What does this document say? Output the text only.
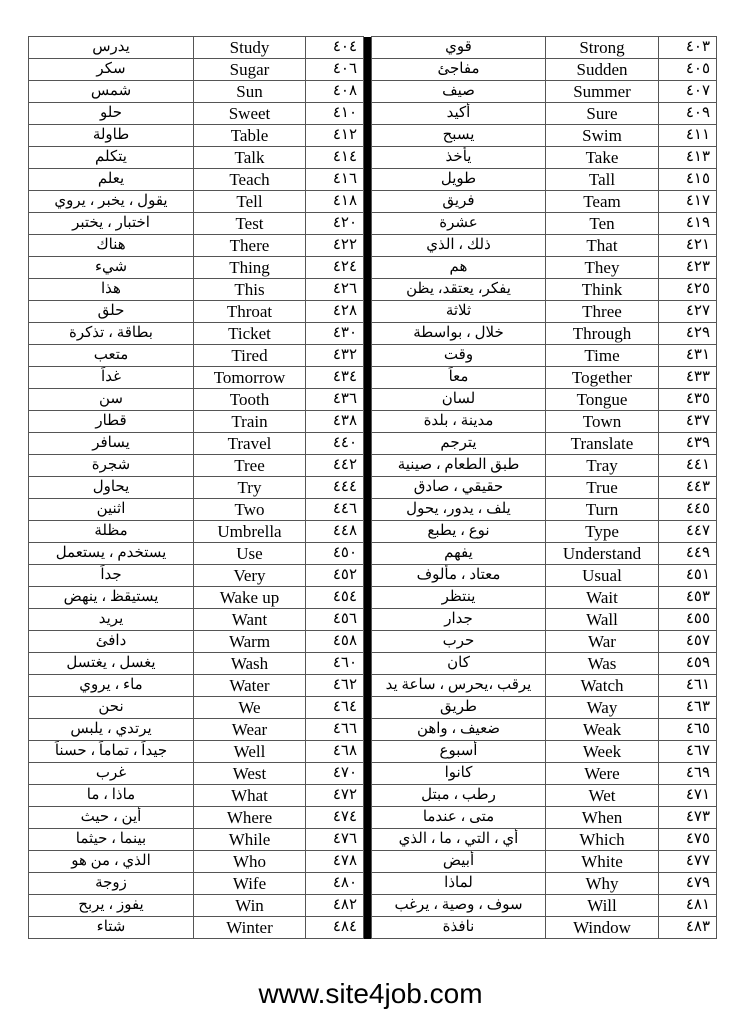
يدرس	Study	٤٠٤		قوي	Strong	٤٠٣
سكر	Sugar	٤٠٦		مفاجئ	Sudden	٤٠٥
شمس	Sun	٤٠٨		صيف	Summer	٤٠٧
حلو	Sweet	٤١٠		أكيد	Sure	٤٠٩
طاولة	Table	٤١٢		يسبح	Swim	٤١١
يتكلم	Talk	٤١٤		يأخذ	Take	٤١٣
يعلم	Teach	٤١٦		طويل	Tall	٤١٥
يقول ، يخبر ، يروي	Tell	٤١٨		فريق	Team	٤١٧
اختبار ، يختبر	Test	٤٢٠		عشرة	Ten	٤١٩
هناك	There	٤٢٢		ذلك ، الذي	That	٤٢١
شيء	Thing	٤٢٤		هم	They	٤٢٣
هذا	This	٤٢٦		يفكر، يعتقد، يظن	Think	٤٢٥
حلق	Throat	٤٢٨		ثلاثة	Three	٤٢٧
بطاقة ، تذكرة	Ticket	٤٣٠		خلال ، بواسطة	Through	٤٢٩
متعب	Tired	٤٣٢		وقت	Time	٤٣١
غداً	Tomorrow	٤٣٤		معاً	Together	٤٣٣
سن	Tooth	٤٣٦		لسان	Tongue	٤٣٥
قطار	Train	٤٣٨		مدينة ، بلدة	Town	٤٣٧
يسافر	Travel	٤٤٠		يترجم	Translate	٤٣٩
شجرة	Tree	٤٤٢		طبق الطعام ، صينية	Tray	٤٤١
يحاول	Try	٤٤٤		حقيقي ، صادق	True	٤٤٣
اثنين	Two	٤٤٦		يلف ، يدور، يحول	Turn	٤٤٥
مظلة	Umbrella	٤٤٨		نوع ، يطبع	Type	٤٤٧
يستخدم ، يستعمل	Use	٤٥٠		يفهم	Understand	٤٤٩
جداً	Very	٤٥٢		معتاد ، مألوف	Usual	٤٥١
يستيقظ ، ينهض	Wake up	٤٥٤		ينتظر	Wait	٤٥٣
يريد	Want	٤٥٦		جدار	Wall	٤٥٥
دافئ	Warm	٤٥٨		حرب	War	٤٥٧
يغسل ، يغتسل	Wash	٤٦٠		كان	Was	٤٥٩
ماء ، يروي	Water	٤٦٢		يرقب ،يحرس ، ساعة يد	Watch	٤٦١
نحن	We	٤٦٤		طريق	Way	٤٦٣
يرتدي ، يلبس	Wear	٤٦٦		ضعيف ، واهن	Weak	٤٦٥
جيداً ، تماماً ، حسناً	Well	٤٦٨		أسبوع	Week	٤٦٧
غرب	West	٤٧٠		كانوا	Were	٤٦٩
ماذا ، ما	What	٤٧٢		رطب ، مبتل	Wet	٤٧١
أين ، حيث	Where	٤٧٤		متى ، عندما	When	٤٧٣
بينما ، حيثما	While	٤٧٦		أي ، التي ، ما ، الذي	Which	٤٧٥
الذي ، من هو	Who	٤٧٨		أبيض	White	٤٧٧
زوجة	Wife	٤٨٠		لماذا	Why	٤٧٩
يفوز ، يربح	Win	٤٨٢		سوف ، وصية ، يرغب	Will	٤٨١
شتاء	Winter	٤٨٤		نافذة	Window	٤٨٣
www.site4job.com
